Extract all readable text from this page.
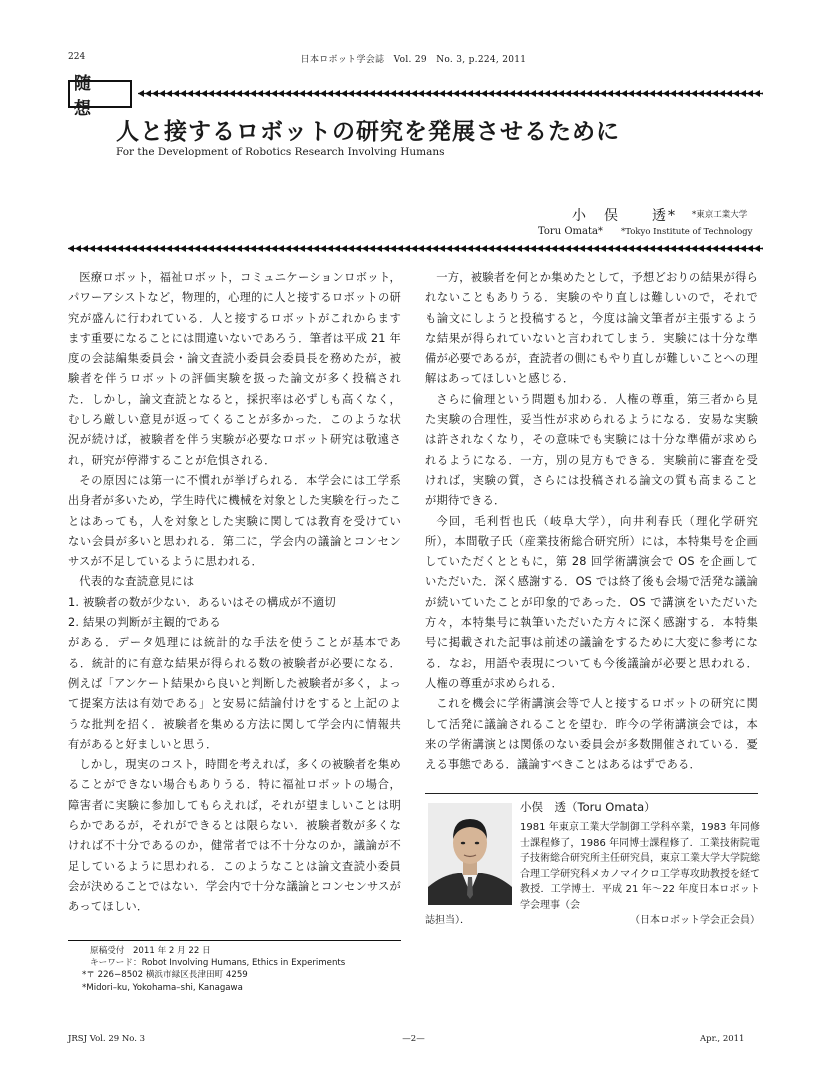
224	日本ロボット学会誌　Vol. 29　No. 3, p.224, 2011
随　想
人と接するロボットの研究を発展させるために
For the Development of Robotics Research Involving Humans
小　俣　　透* *東京工業大学
Toru Omata* *Tokyo Institute of Technology

医療ロボット，福祉ロボット，コミュニケーションロボット，パワーアシストなど，物理的，心理的に人と接するロボットの研究が盛んに行われている．人と接するロボットがこれからますます重要になることには間違いないであろう．筆者は平成 21 年度の会誌編集委員会・論文査読小委員会委員長を務めたが，被験者を伴うロボットの評価実験を扱った論文が多く投稿された．しかし，論文査読となると，採択率は必ずしも高くなく，むしろ厳しい意見が返ってくることが多かった．このような状況が続けば，被験者を伴う実験が必要なロボット研究は敬遠され，研究が停滞することが危惧される．

その原因には第一に不慣れが挙げられる．本学会には工学系出身者が多いため，学生時代に機械を対象とした実験を行ったことはあっても，人を対象とした実験に関しては教育を受けていない会員が多いと思われる．第二に，学会内の議論とコンセンサスが不足しているように思われる．

代表的な査読意見には

1. 被験者の数が少ない．あるいはその構成が不適切

2. 結果の判断が主観的である

がある．データ処理には統計的な手法を使うことが基本である．統計的に有意な結果が得られる数の被験者が必要になる．例えば「アンケート結果から良いと判断した被験者が多く，よって提案方法は有効である」と安易に結論付けをすると上記のような批判を招く．被験者を集める方法に関して学会内に情報共有があると好ましいと思う．

しかし，現実のコスト，時間を考えれば，多くの被験者を集めることができない場合もありうる．特に福祉ロボットの場合，障害者に実験に参加してもらえれば，それが望ましいことは明らかであるが，それができるとは限らない．被験者数が多くなければ不十分であるのか，健常者では不十分なのか，議論が不足しているように思われる．このようなことは論文査読小委員会が決めることではない．学会内で十分な議論とコンセンサスがあってほしい．

一方，被験者を何とか集めたとして，予想どおりの結果が得られないこともありうる．実験のやり直しは難しいので，それでも論文にしようと投稿すると，今度は論文筆者が主張するような結果が得られていないと言われてしまう．実験には十分な準備が必要であるが，査読者の側にもやり直しが難しいことへの理解はあってほしいと感じる．

さらに倫理という問題も加わる．人権の尊重，第三者から見た実験の合理性，妥当性が求められるようになる．安易な実験は許されなくなり，その意味でも実験には十分な準備が求められるようになる．一方，別の見方もできる．実験前に審査を受ければ，実験の質，さらには投稿される論文の質も高まることが期待できる．

今回，毛利哲也氏（岐阜大学），向井利春氏（理化学研究所），本間敬子氏（産業技術総合研究所）には，本特集号を企画していただくとともに，第 28 回学術講演会で OS を企画していただいた．深く感謝する．OS では終了後も会場で活発な議論が続いていたことが印象的であった．OS で講演をいただいた方々，本特集号に執筆いただいた方々に深く感謝する．本特集号に掲載された記事は前述の議論をするために大変に参考になる．なお，用語や表現についても今後議論が必要と思われる．人権の尊重が求められる．

これを機会に学術講演会等で人と接するロボットの研究に関して活発に議論されることを望む．昨今の学術講演会では，本来の学術講演とは関係のない委員会が多数開催されている．憂える事態である．議論すべきことはあるはずである．

小俣　透（Toru Omata）
1981 年東京工業大学制御工学科卒業，1983 年同修士課程修了，1986 年同博士課程修了．工業技術院電子技術総合研究所主任研究員，東京工業大学大学院総合理工学研究科メカノマイクロ工学専攻助教授を経て教授．工学博士．平成 21 年～22 年度日本ロボット学会理事（会
誌担当）．	（日本ロボット学会正会員）
原稿受付　2011 年 2 月 22 日
キーワード：Robot Involving Humans, Ethics in Experiments
*〒 226−8502 横浜市緑区長津田町 4259
*Midori–ku, Yokohama–shi, Kanagawa
JRSJ Vol. 29 No. 3	—2—	Apr., 2011
